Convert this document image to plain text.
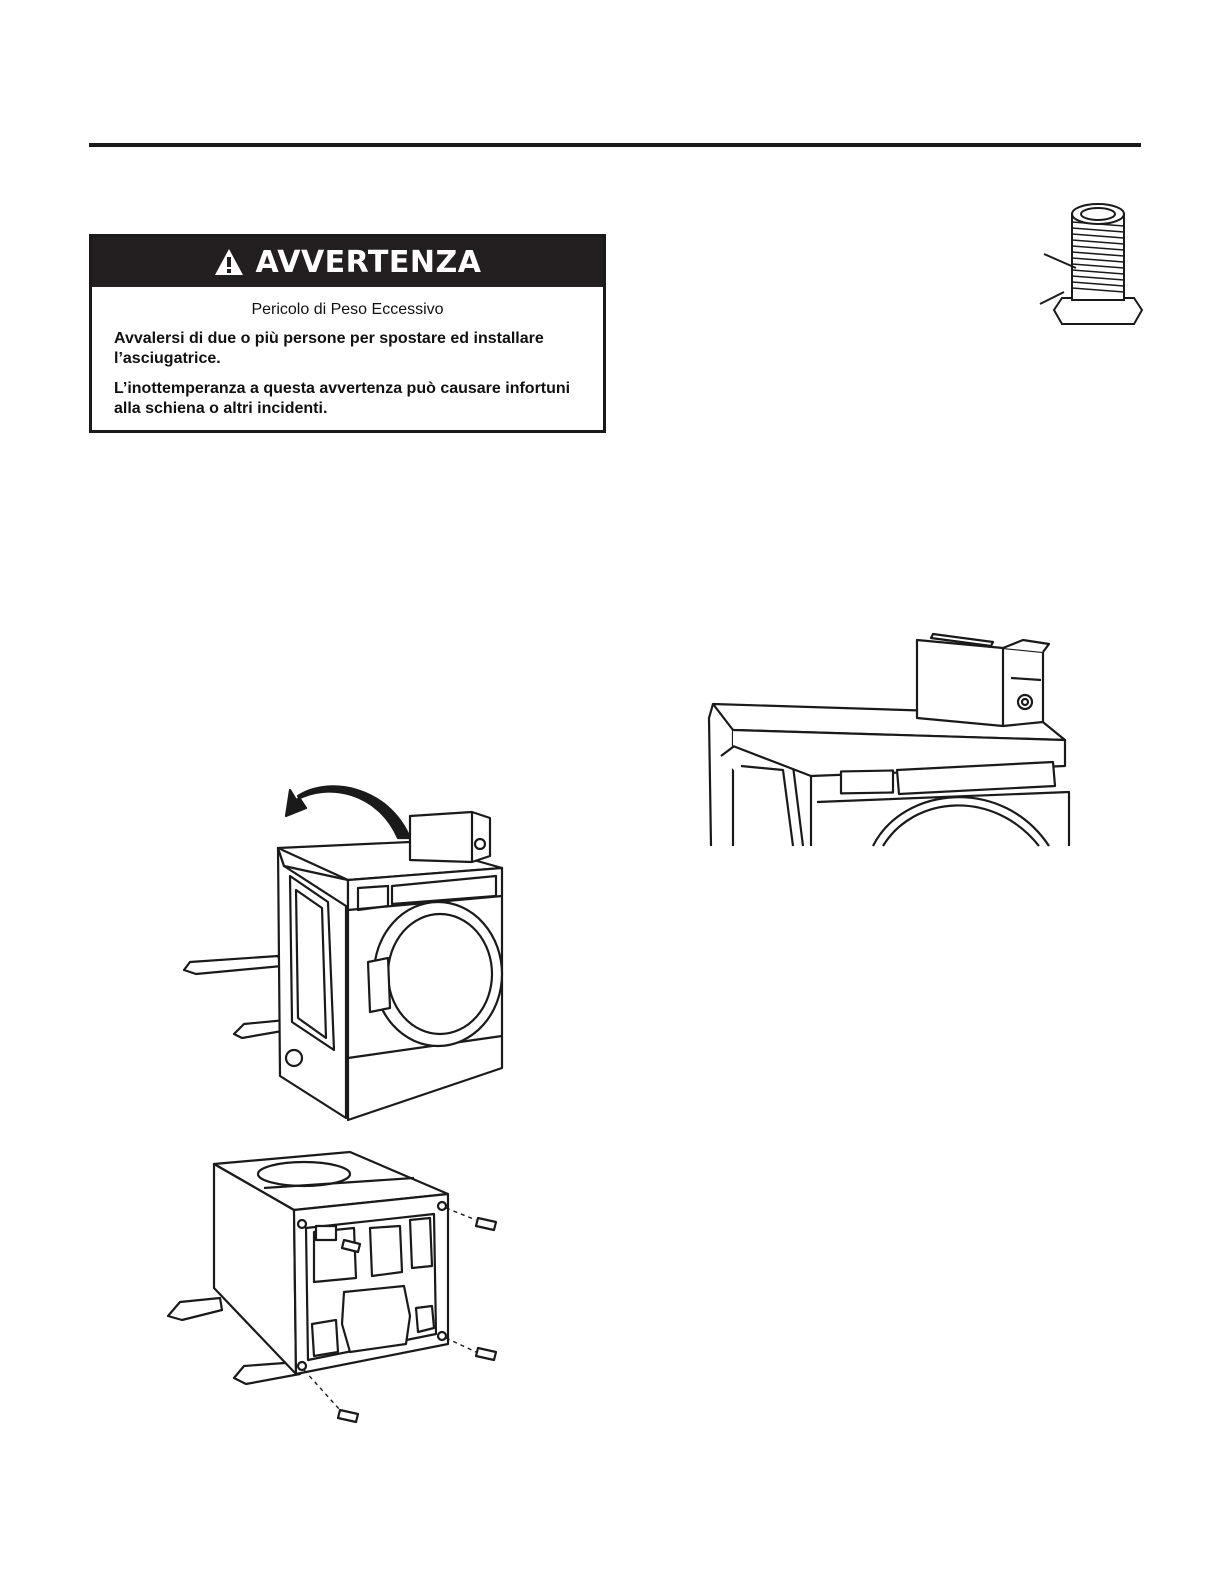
AVVERTENZA
Pericolo di Peso Eccessivo

Avvalersi di due o più persone per spostare ed installare l’asciugatrice.

L’inottemperanza a questa avvertenza può causare infortuni alla schiena o altri incidenti.
